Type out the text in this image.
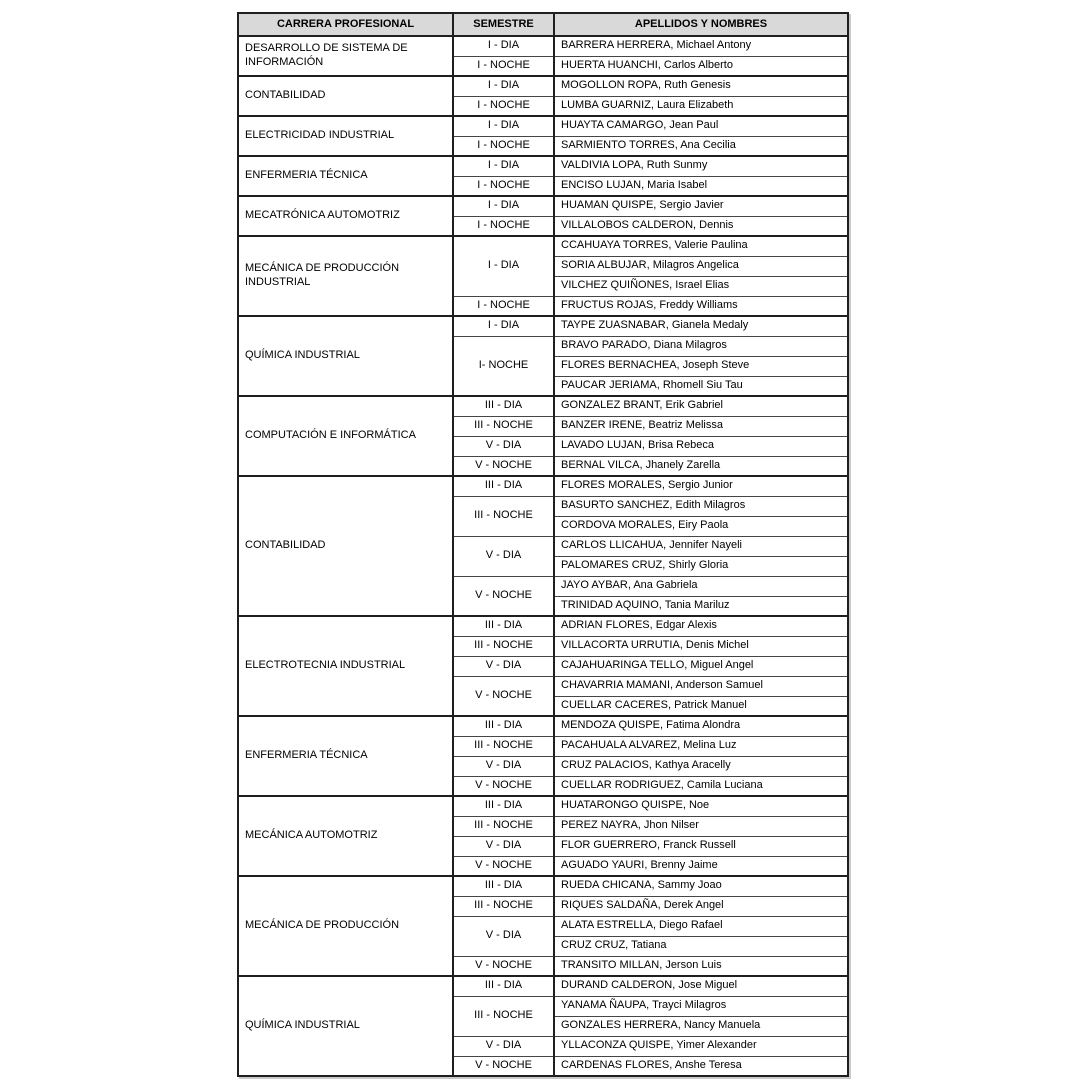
CARRERA PROFESIONAL	SEMESTRE	APELLIDOS Y NOMBRES
DESARROLLO DE SISTEMA DE INFORMACIÓN	I - DIA	BARRERA HERRERA, Michael Antony
	I - NOCHE	HUERTA HUANCHI, Carlos Alberto
CONTABILIDAD	I - DIA	MOGOLLON ROPA, Ruth Genesis
	I - NOCHE	LUMBA GUARNIZ, Laura Elizabeth
ELECTRICIDAD INDUSTRIAL	I - DIA	HUAYTA CAMARGO, Jean Paul
	I - NOCHE	SARMIENTO TORRES, Ana Cecilia
ENFERMERIA TÉCNICA	I - DIA	VALDIVIA LOPA, Ruth Sunmy
	I - NOCHE	ENCISO LUJAN, Maria Isabel
MECATRÓNICA AUTOMOTRIZ	I - DIA	HUAMAN QUISPE, Sergio Javier
	I - NOCHE	VILLALOBOS CALDERON, Dennis
MECÁNICA DE PRODUCCIÓN INDUSTRIAL	I - DIA	CCAHUAYA TORRES, Valerie Paulina
		SORIA ALBUJAR, Milagros Angelica
		VILCHEZ QUIÑONES, Israel Elias
	I - NOCHE	FRUCTUS ROJAS, Freddy Williams
QUÍMICA INDUSTRIAL	I - DIA	TAYPE ZUASNABAR, Gianela Medaly
	I- NOCHE	BRAVO PARADO, Diana Milagros
		FLORES BERNACHEA, Joseph Steve
		PAUCAR JERIAMA, Rhomell Siu Tau
COMPUTACIÓN E INFORMÁTICA	III - DIA	GONZALEZ BRANT, Erik Gabriel
	III - NOCHE	BANZER IRENE, Beatriz Melissa
	V - DIA	LAVADO LUJAN, Brisa Rebeca
	V - NOCHE	BERNAL VILCA, Jhanely Zarella
CONTABILIDAD	III - DIA	FLORES MORALES, Sergio Junior
	III - NOCHE	BASURTO SANCHEZ, Edith Milagros
		CORDOVA MORALES, Eiry Paola
	V - DIA	CARLOS LLICAHUA, Jennifer Nayeli
		PALOMARES CRUZ, Shirly Gloria
	V - NOCHE	JAYO AYBAR, Ana Gabriela
		TRINIDAD AQUINO, Tania Mariluz
ELECTROTECNIA INDUSTRIAL	III - DIA	ADRIAN FLORES, Edgar Alexis
	III - NOCHE	VILLACORTA URRUTIA, Denis Michel
	V - DIA	CAJAHUARINGA TELLO, Miguel Angel
	V - NOCHE	CHAVARRIA MAMANI, Anderson Samuel
		CUELLAR CACERES, Patrick Manuel
ENFERMERIA TÉCNICA	III - DIA	MENDOZA QUISPE, Fatima Alondra
	III - NOCHE	PACAHUALA ALVAREZ, Melina Luz
	V - DIA	CRUZ PALACIOS, Kathya Aracelly
	V - NOCHE	CUELLAR RODRIGUEZ, Camila Luciana
MECÁNICA AUTOMOTRIZ	III - DIA	HUATARONGO QUISPE, Noe
	III - NOCHE	PEREZ NAYRA, Jhon Nilser
	V - DIA	FLOR GUERRERO, Franck Russell
	V - NOCHE	AGUADO YAURI, Brenny Jaime
MECÁNICA DE PRODUCCIÓN	III - DIA	RUEDA CHICANA, Sammy Joao
	III - NOCHE	RIQUES SALDAÑA, Derek Angel
	V - DIA	ALATA ESTRELLA, Diego Rafael
		CRUZ CRUZ, Tatiana
	V - NOCHE	TRANSITO MILLAN, Jerson Luis
QUÍMICA INDUSTRIAL	III - DIA	DURAND CALDERON, Jose Miguel
	III - NOCHE	YANAMA ÑAUPA, Trayci Milagros
		GONZALES HERRERA, Nancy Manuela
	V - DIA	YLLACONZA QUISPE, Yimer Alexander
	V - NOCHE	CARDENAS FLORES, Anshe Teresa
